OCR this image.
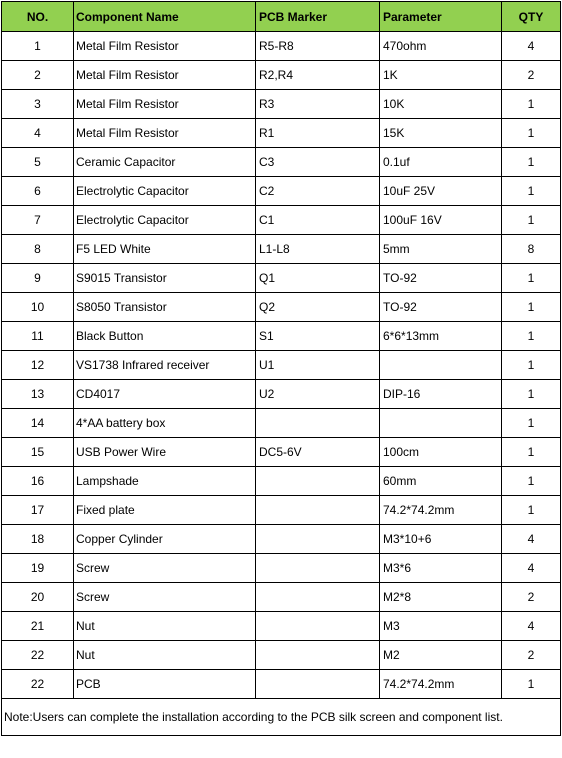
NO.	Component Name	PCB Marker	Parameter	QTY
1	Metal Film Resistor	R5-R8	470ohm	4
2	Metal Film Resistor	R2,R4	1K	2
3	Metal Film Resistor	R3	10K	1
4	Metal Film Resistor	R1	15K	1
5	Ceramic Capacitor	C3	0.1uf	1
6	Electrolytic Capacitor	C2	10uF 25V	1
7	Electrolytic Capacitor	C1	100uF 16V	1
8	F5 LED White	L1-L8	5mm	8
9	S9015 Transistor	Q1	TO-92	1
10	S8050 Transistor	Q2	TO-92	1
11	Black Button	S1	6*6*13mm	1
12	VS1738 Infrared receiver	U1		1
13	CD4017	U2	DIP-16	1
14	4*AA battery box			1
15	USB Power Wire	DC5-6V	100cm	1
16	Lampshade		60mm	1
17	Fixed plate		74.2*74.2mm	1
18	Copper Cylinder		M3*10+6	4
19	Screw		M3*6	4
20	Screw		M2*8	2
21	Nut		M3	4
22	Nut		M2	2
22	PCB		74.2*74.2mm	1
Note:Users can complete the installation according to the PCB silk screen and component list.				
